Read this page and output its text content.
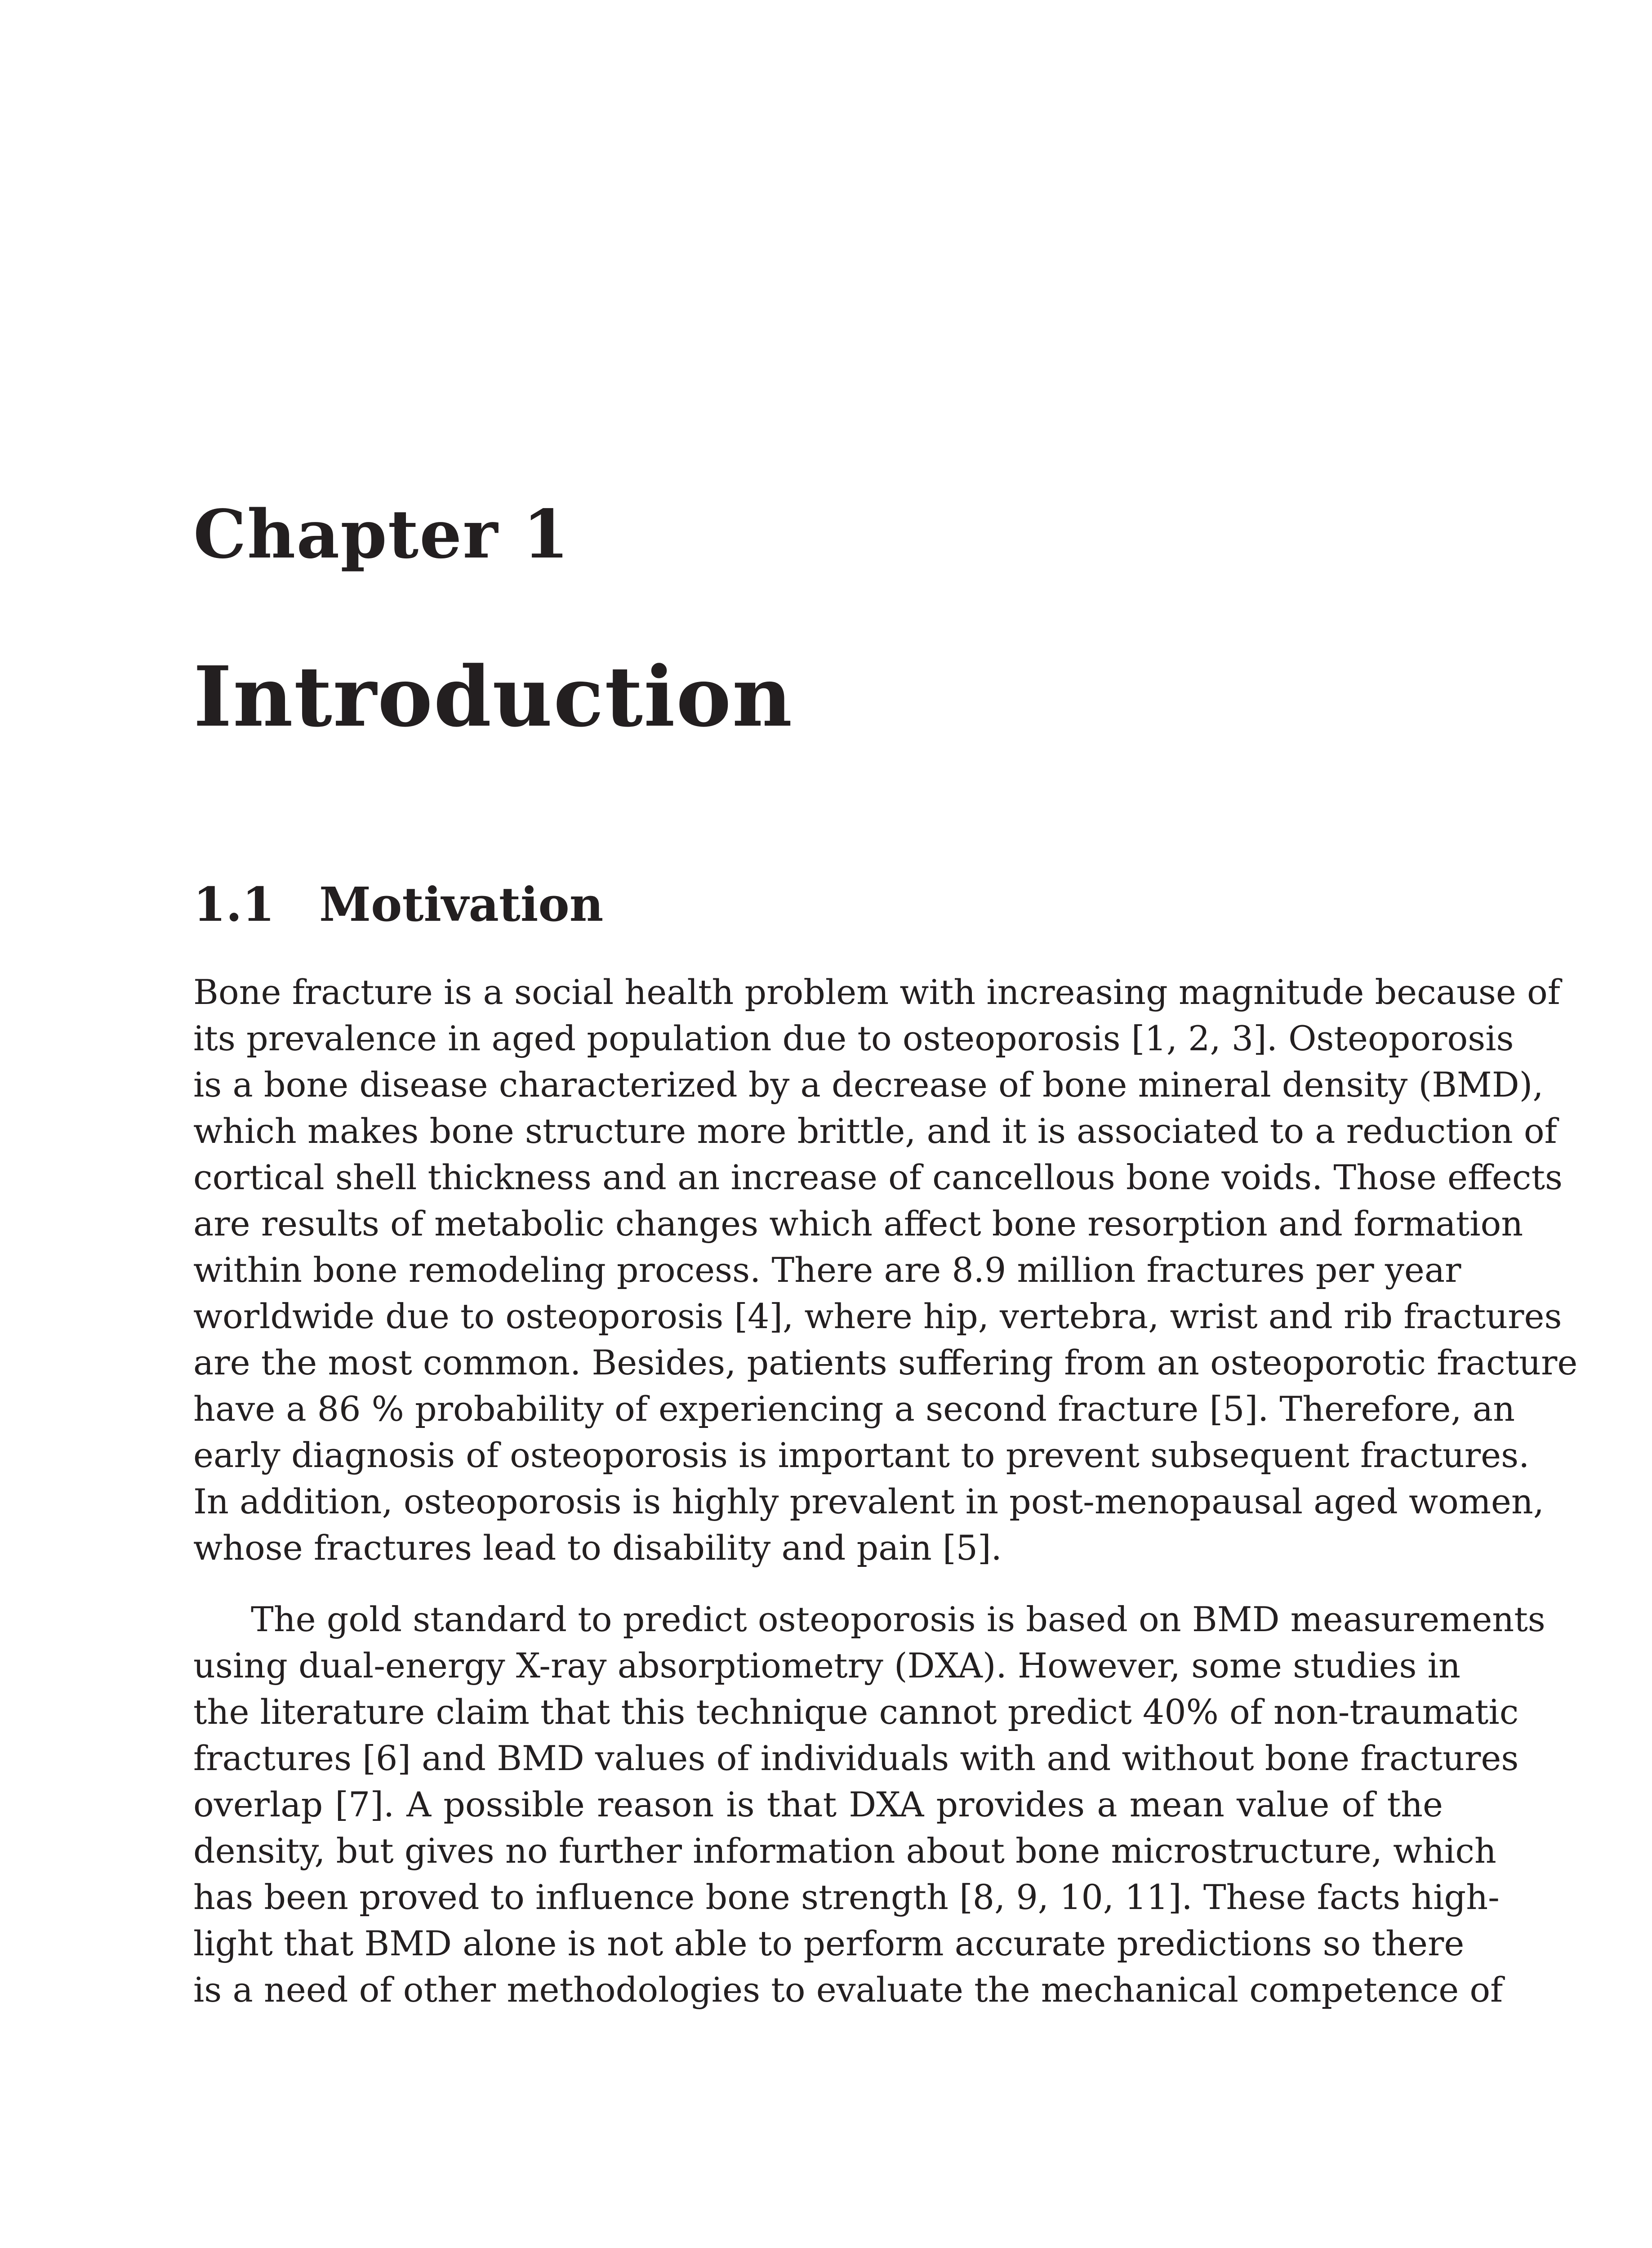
Chapter 1
Introduction
1.1 Motivation
Bone fracture is a social health problem with increasing magnitude because of
its prevalence in aged population due to osteoporosis [1, 2, 3]. Osteoporosis
is a bone disease characterized by a decrease of bone mineral density (BMD),
which makes bone structure more brittle, and it is associated to a reduction of
cortical shell thickness and an increase of cancellous bone voids. Those effects
are results of metabolic changes which affect bone resorption and formation
within bone remodeling process. There are 8.9 million fractures per year
worldwide due to osteoporosis [4], where hip, vertebra, wrist and rib fractures
are the most common. Besides, patients suffering from an osteoporotic fracture
have a 86 % probability of experiencing a second fracture [5]. Therefore, an
early diagnosis of osteoporosis is important to prevent subsequent fractures.
In addition, osteoporosis is highly prevalent in post-menopausal aged women,
whose fractures lead to disability and pain [5].
The gold standard to predict osteoporosis is based on BMD measurements
using dual-energy X-ray absorptiometry (DXA). However, some studies in
the literature claim that this technique cannot predict 40% of non-traumatic
fractures [6] and BMD values of individuals with and without bone fractures
overlap [7]. A possible reason is that DXA provides a mean value of the
density, but gives no further information about bone microstructure, which
has been proved to influence bone strength [8, 9, 10, 11]. These facts high-
light that BMD alone is not able to perform accurate predictions so there
is a need of other methodologies to evaluate the mechanical competence of
